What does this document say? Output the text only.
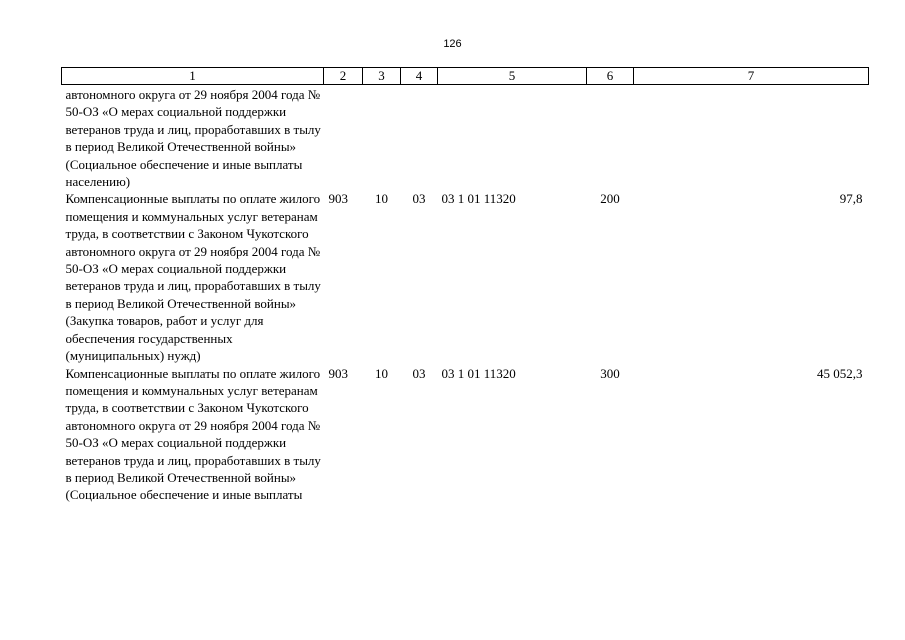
126
1	2	3	4	5	6	7
автономного округа от 29 ноября 2004 года № 50-ОЗ «О мерах социальной поддержки ветеранов труда и лиц, проработавших в тылу в период Великой Отечественной войны» (Социальное обеспечение и иные выплаты населению)						
Компенсационные выплаты по оплате жилого помещения и коммунальных услуг ветеранам труда, в соответствии с Законом Чукотского автономного округа от 29 ноября 2004 года № 50-ОЗ «О мерах социальной поддержки ветеранов труда и лиц, проработавших в тылу в период Великой Отечественной войны» (Закупка товаров, работ и услуг для обеспечения государственных (муниципальных) нужд)	903	10	03	03 1 01 11320	200	97,8
Компенсационные выплаты по оплате жилого помещения и коммунальных услуг ветеранам труда, в соответствии с Законом Чукотского автономного округа от 29 ноября 2004 года № 50-ОЗ «О мерах социальной поддержки ветеранов труда и лиц, проработавших в тылу в период Великой Отечественной войны» (Социальное обеспечение и иные выплаты	903	10	03	03 1 01 11320	300	45 052,3
